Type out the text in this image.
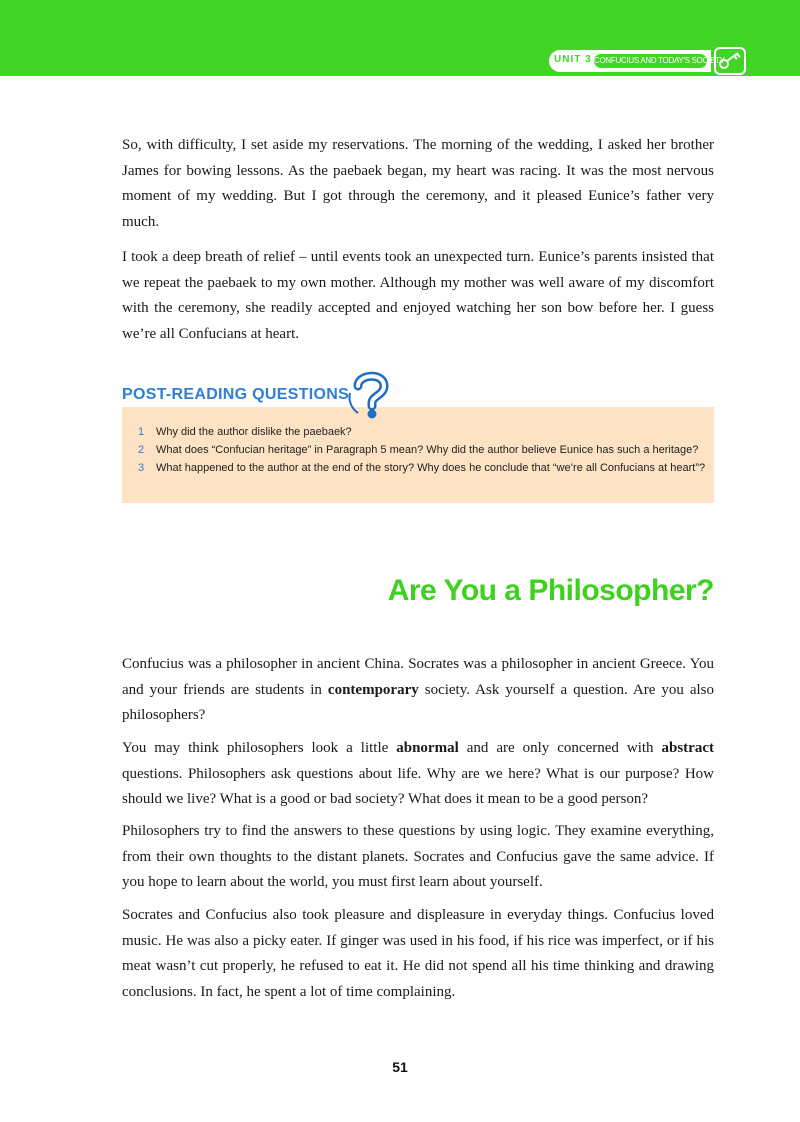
UNIT 3 CONFUCIUS AND TODAY'S SOCIETY

So, with difficulty, I set aside my reservations. The morning of the wedding, I asked her brother James for bowing lessons. As the paebaek began, my heart was racing. It was the most nervous moment of my wedding. But I got through the ceremony, and it pleased Eunice’s father very much.

I took a deep breath of relief – until events took an unexpected turn. Eunice’s parents insisted that we repeat the paebaek to my own mother. Although my mother was well aware of my discomfort with the ceremony, she readily accepted and enjoyed watching her son bow before her. I guess we’re all Confucians at heart.

POST-READING QUESTIONS
1	Why did the author dislike the paebaek?
2	What does “Confucian heritage” in Paragraph 5 mean? Why did the author believe Eunice has such a heritage?
3	What happened to the author at the end of the story? Why does he conclude that “we’re all Confucians at heart”?
Are You a Philosopher?

Confucius was a philosopher in ancient China. Socrates was a philosopher in ancient Greece. You and your friends are students in contemporary society. Ask yourself a question. Are you also philosophers?

You may think philosophers look a little abnormal and are only concerned with abstract questions. Philosophers ask questions about life. Why are we here? What is our purpose? How should we live? What is a good or bad society? What does it mean to be a good person?

Philosophers try to find the answers to these questions by using logic. They examine everything, from their own thoughts to the distant planets. Socrates and Confucius gave the same advice. If you hope to learn about the world, you must first learn about yourself.

Socrates and Confucius also took pleasure and displeasure in everyday things. Confucius loved music. He was also a picky eater. If ginger was used in his food, if his rice was imperfect, or if his meat wasn’t cut properly, he refused to eat it. He did not spend all his time thinking and drawing conclusions. In fact, he spent a lot of time complaining.

51
